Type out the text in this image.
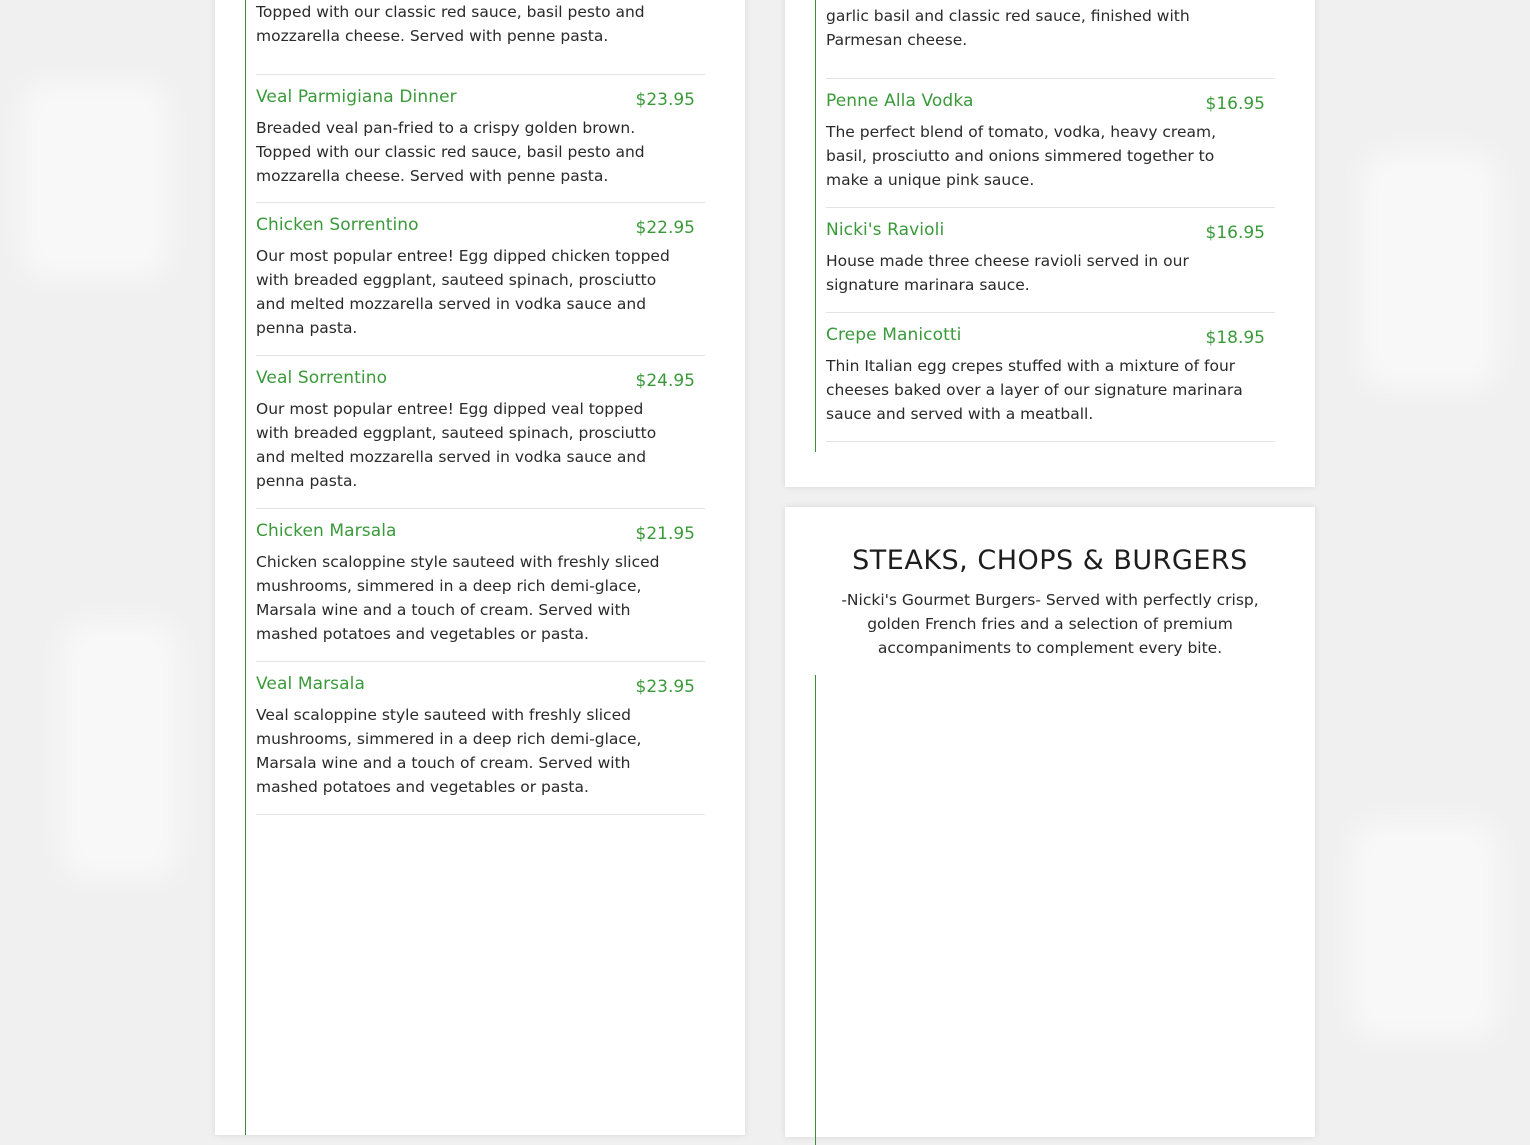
Topped with our classic red sauce, basil pesto and mozzarella cheese. Served with penne pasta.

Veal Parmigiana Dinner	$23.95

Breaded veal pan-fried to a crispy golden brown. Topped with our classic red sauce, basil pesto and mozzarella cheese. Served with penne pasta.

Chicken Sorrentino	$22.95

Our most popular entree! Egg dipped chicken topped with breaded eggplant, sauteed spinach, prosciutto and melted mozzarella served in vodka sauce and penna pasta.

Veal Sorrentino	$24.95

Our most popular entree! Egg dipped veal topped with breaded eggplant, sauteed spinach, prosciutto and melted mozzarella served in vodka sauce and penna pasta.

Chicken Marsala	$21.95

Chicken scaloppine style sauteed with freshly sliced mushrooms, simmered in a deep rich demi-glace, Marsala wine and a touch of cream. Served with mashed potatoes and vegetables or pasta.

Veal Marsala	$23.95

Veal scaloppine style sauteed with freshly sliced mushrooms, simmered in a deep rich demi-glace, Marsala wine and a touch of cream. Served with mashed potatoes and vegetables or pasta.

garlic basil and classic red sauce, finished with Parmesan cheese.

Penne Alla Vodka	$16.95

The perfect blend of tomato, vodka, heavy cream, basil, prosciutto and onions simmered together to make a unique pink sauce.

Nicki's Ravioli	$16.95

House made three cheese ravioli served in our signature marinara sauce.

Crepe Manicotti	$18.95

Thin Italian egg crepes stuffed with a mixture of four cheeses baked over a layer of our signature marinara sauce and served with a meatball.

STEAKS, CHOPS & BURGERS

-Nicki's Gourmet Burgers- Served with perfectly crisp, golden French fries and a selection of premium accompaniments to complement every bite.
